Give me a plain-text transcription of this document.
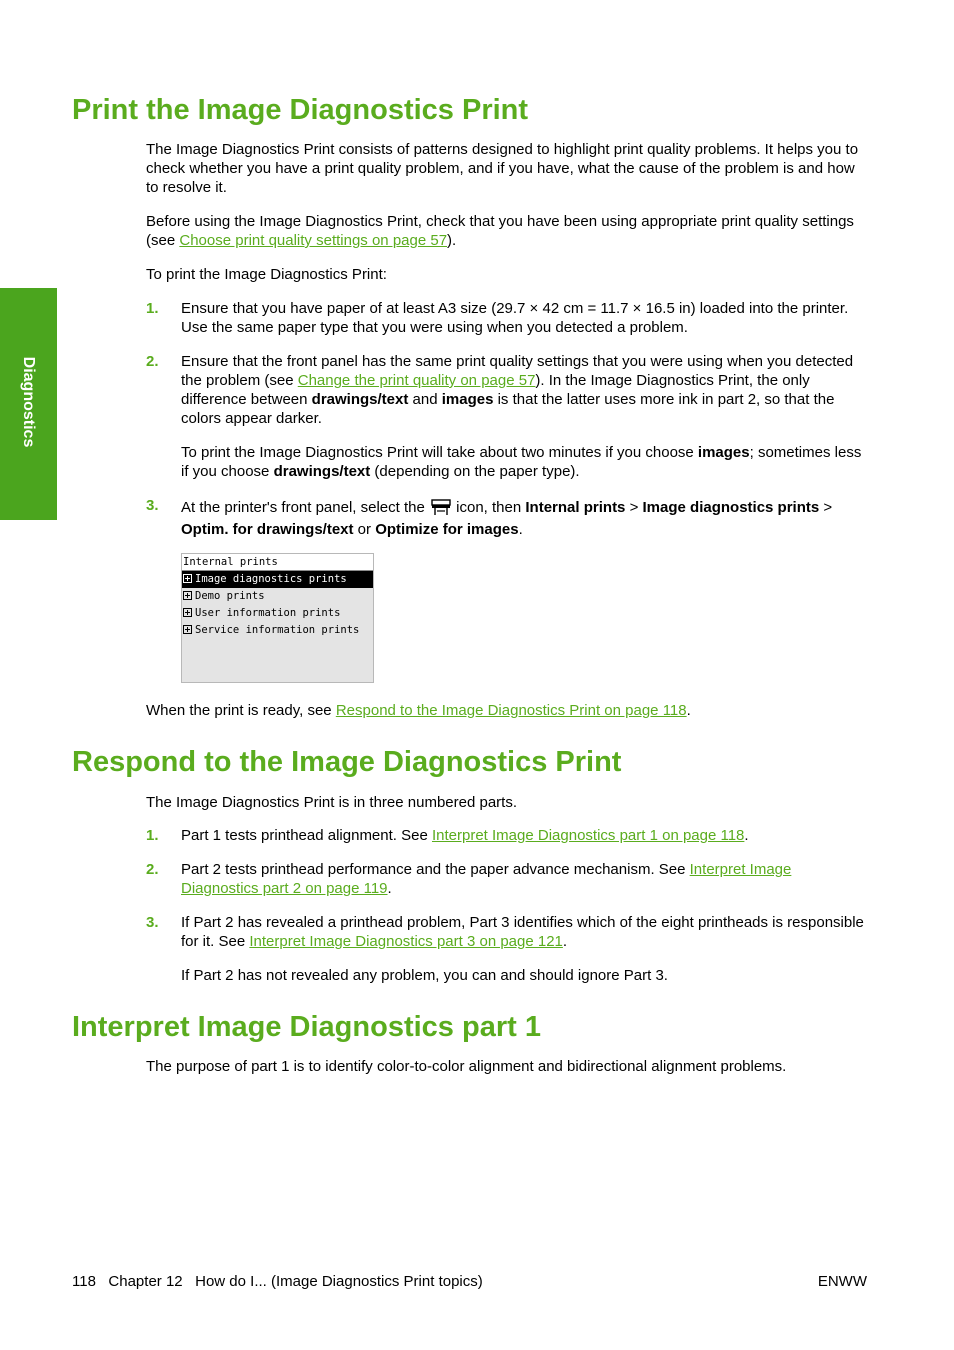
Diagnostics
Print the Image Diagnostics Print

The Image Diagnostics Print consists of patterns designed to highlight print quality problems. It helps you to check whether you have a print quality problem, and if you have, what the cause of the problem is and how to resolve it.

Before using the Image Diagnostics Print, check that you have been using appropriate print quality settings (see Choose print quality settings on page 57).

To print the Image Diagnostics Print:

1. Ensure that you have paper of at least A3 size (29.7 × 42 cm = 11.7 × 16.5 in) loaded into the printer. Use the same paper type that you were using when you detected a problem.
2. Ensure that the front panel has the same print quality settings that you were using when you detected the problem (see Change the print quality on page 57). In the Image Diagnostics Print, the only difference between drawings/text and images is that the latter uses more ink in part 2, so that the colors appear darker.
To print the Image Diagnostics Print will take about two minutes if you choose images; sometimes less if you choose drawings/text (depending on the paper type).
3. At the printer's front panel, select the  icon, then Internal prints > Image diagnostics prints > Optim. for drawings/text or Optimize for images.
Internal prints
Image diagnostics prints
Demo prints
User information prints
Service information prints

When the print is ready, see Respond to the Image Diagnostics Print on page 118.

Respond to the Image Diagnostics Print

The Image Diagnostics Print is in three numbered parts.

1. Part 1 tests printhead alignment. See Interpret Image Diagnostics part 1 on page 118.
2. Part 2 tests printhead performance and the paper advance mechanism. See Interpret Image Diagnostics part 2 on page 119.
3. If Part 2 has revealed a printhead problem, Part 3 identifies which of the eight printheads is responsible for it. See Interpret Image Diagnostics part 3 on page 121.
If Part 2 has not revealed any problem, you can and should ignore Part 3.
Interpret Image Diagnostics part 1

The purpose of part 1 is to identify color-to-color alignment and bidirectional alignment problems.

118   Chapter 12   How do I... (Image Diagnostics Print topics)	ENWW
